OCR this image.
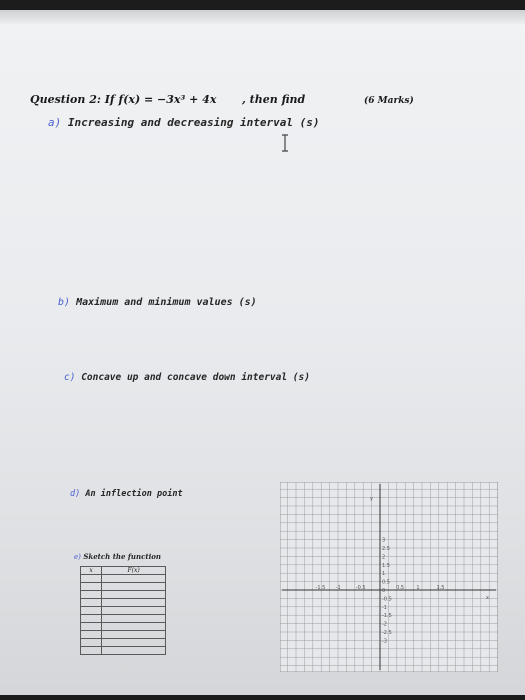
Question 2: If f(x) = −3x³ + 4x , then find	(6 Marks)
a) Increasing and decreasing interval (s)
b) Maximum and minimum values (s)
c) Concave up and concave down interval (s)
d) An inflection point
e) Sketch the function
x	F(x)

3
2.5
2
1.5
1
0.5
0
-0.5
-1
-1.5
-2
-2.5
-3
-1.5 -1	-0.5	0.5 1	1.5
y
x
